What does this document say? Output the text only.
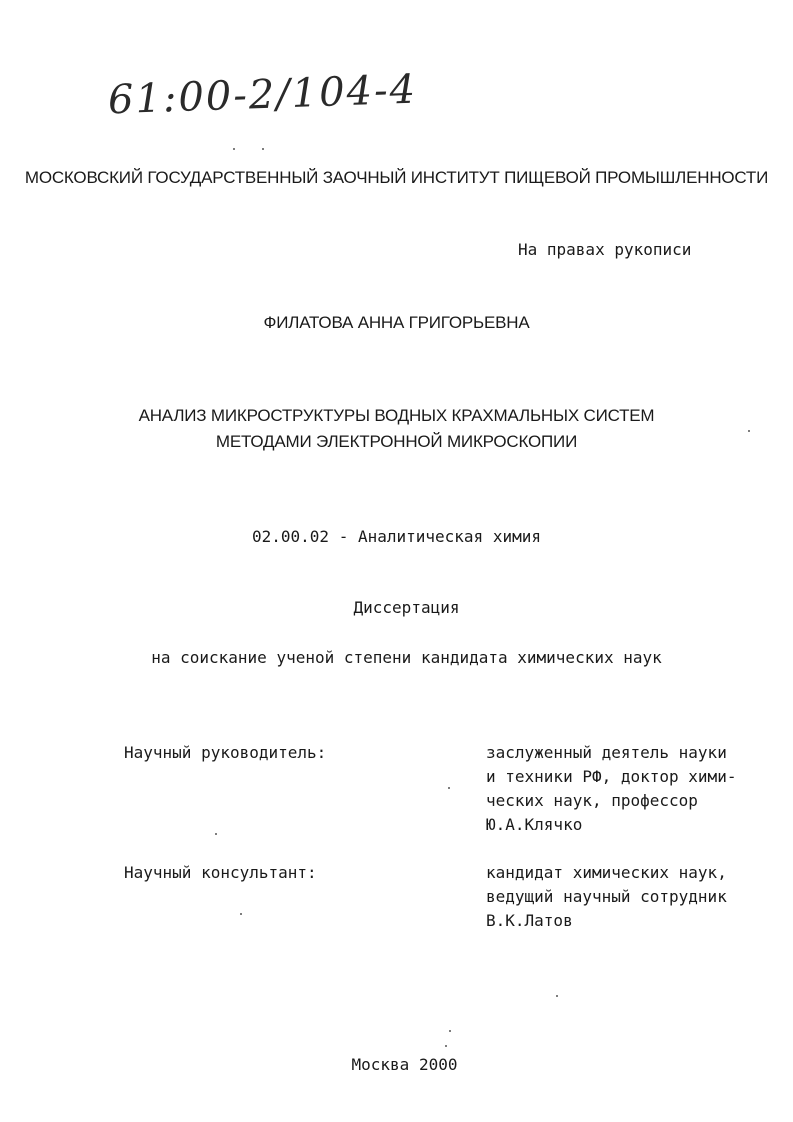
61:00-2/104-4
МОСКОВСКИЙ ГОСУДАРСТВЕННЫЙ ЗАОЧНЫЙ ИНСТИТУТ ПИЩЕВОЙ ПРОМЫШЛЕННОСТИ
На правах рукописи
ФИЛАТОВА АННА ГРИГОРЬЕВНА
АНАЛИЗ МИКРОСТРУКТУРЫ ВОДНЫХ КРАХМАЛЬНЫХ СИСТЕМ
МЕТОДАМИ ЭЛЕКТРОННОЙ МИКРОСКОПИИ
02.00.02 - Аналитическая химия
Диссертация
на соискание ученой степени кандидата химических наук
Научный руководитель:	заслуженный деятель науки
и техники РФ, доктор хими-
ческих наук, профессор
Ю.А.Клячко
Научный консультант:	кандидат химических наук,
ведущий научный сотрудник
В.К.Латов
Москва 2000
